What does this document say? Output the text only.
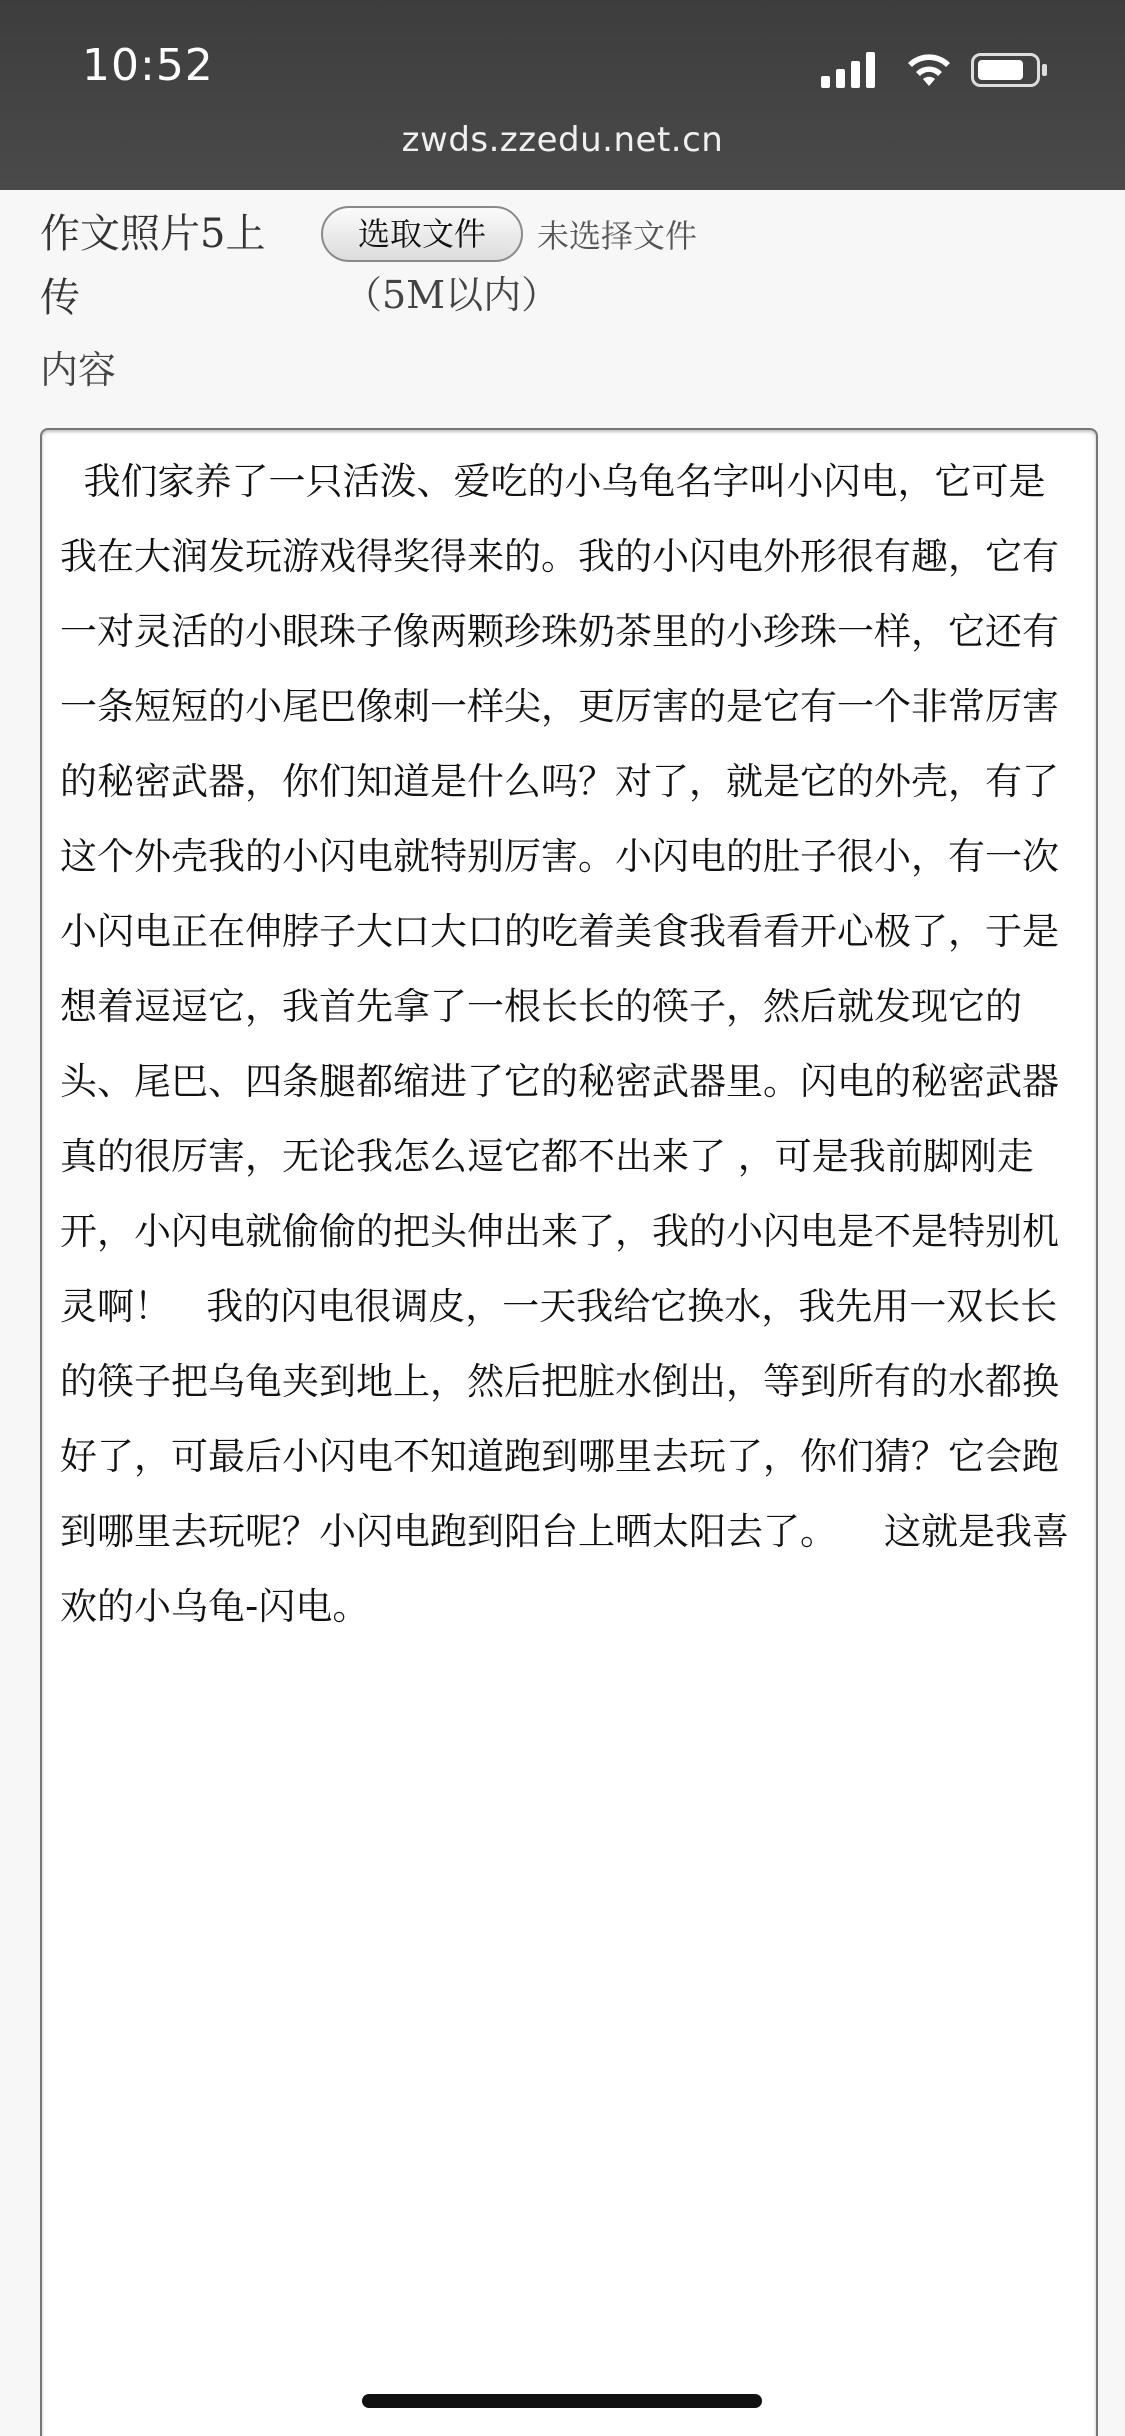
10:52
zwds.zzedu.net.cn
作文照片5上传
选取文件	未选择文件
（5M以内）
内容
我们家养了一只活泼、爱吃的小乌龟名字叫小闪电，它可是我在大润发玩游戏得奖得来的。我的小闪电外形很有趣，它有一对灵活的小眼珠子像两颗珍珠奶茶里的小珍珠一样，它还有一条短短的小尾巴像刺一样尖，更厉害的是它有一个非常厉害的秘密武器，你们知道是什么吗？对了，就是它的外壳，有了这个外壳我的小闪电就特别厉害。小闪电的肚子很小，有一次小闪电正在伸脖子大口大口的吃着美食我看看开心极了，于是想着逗逗它，我首先拿了一根长长的筷子，然后就发现它的头、尾巴、四条腿都缩进了它的秘密武器里。闪电的秘密武器真的很厉害，无论我怎么逗它都不出来了 ，可是我前脚刚走开，小闪电就偷偷的把头伸出来了，我的小闪电是不是特别机灵啊！   我的闪电很调皮，一天我给它换水，我先用一双长长的筷子把乌龟夹到地上，然后把脏水倒出，等到所有的水都换好了，可最后小闪电不知道跑到哪里去玩了，你们猜？它会跑到哪里去玩呢？小闪电跑到阳台上晒太阳去了。    这就是我喜欢的小乌龟-闪电。
